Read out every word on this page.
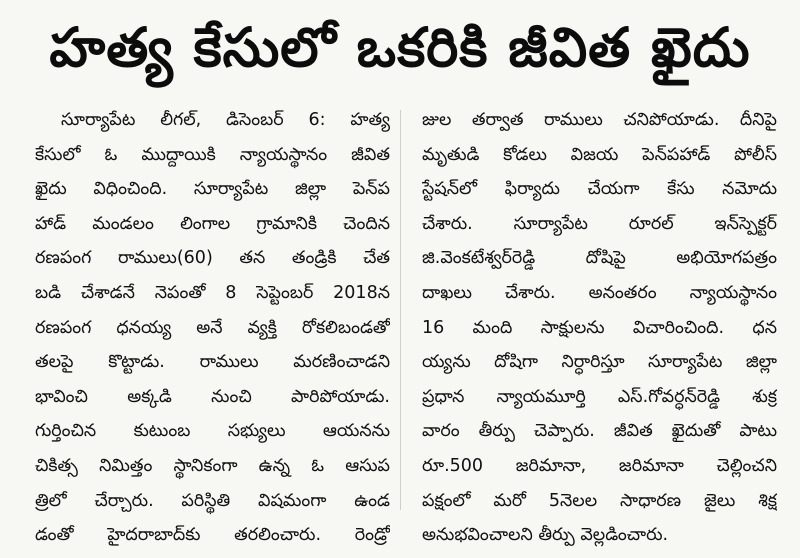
హత్య కేసులో ఒకరికి జీవిత ఖైదు
సూర్యాపేట లీగల్, డిసెంబర్ 6: హత్య
కేసులో ఓ ముద్దాయికి న్యాయస్థానం జీవిత
ఖైదు విధించింది. సూర్యాపేట జిల్లా పెన్‌ప
హాడ్ మండలం లింగాల గ్రామానికి చెందిన
రణపంగ రాములు(60) తన తండ్రికి చేత
బడి చేశాడనే నెపంతో 8 సెప్టెంబర్ 2018న
రణపంగ ధనయ్య అనే వ్యక్తి రోకలిబండతో
తలపై కొట్టాడు. రాములు మరణించాడని
భావించి అక్కడి నుంచి పారిపోయాడు.
గుర్తించిన కుటుంబ సభ్యులు ఆయనను
చికిత్స నిమిత్తం స్థానికంగా ఉన్న ఓ ఆసుప
త్రిలో చేర్చారు. పరిస్థితి విషమంగా ఉండ
డంతో హైదరాబాద్‌కు తరలించారు. రెండ్రో
జుల తర్వాత రాములు చనిపోయాడు. దీనిపై
మృతుడి కోడలు విజయ పెన్‌పహాడ్ పోలీస్
స్టేషన్‌లో ఫిర్యాదు చేయగా కేసు నమోదు
చేశారు. సూర్యాపేట రూరల్ ఇన్‌స్పెక్టర్
జి.వెంకటేశ్వర్‌రెడ్డి దోషిపై అభియోగపత్రం
దాఖలు చేశారు. అనంతరం న్యాయస్థానం
16 మంది సాక్షులను విచారించింది. ధన
య్యను దోషిగా నిర్ధారిస్తూ సూర్యాపేట జిల్లా
ప్రధాన న్యాయమూర్తి ఎస్.గోవర్ధన్‌రెడ్డి శుక్ర
వారం తీర్పు చెప్పారు. జీవిత ఖైదుతో పాటు
రూ.500 జరిమానా, జరిమానా చెల్లించని
పక్షంలో మరో 5నెలల సాధారణ జైలు శిక్ష
అనుభవించాలని తీర్పు వెల్లడించారు.
